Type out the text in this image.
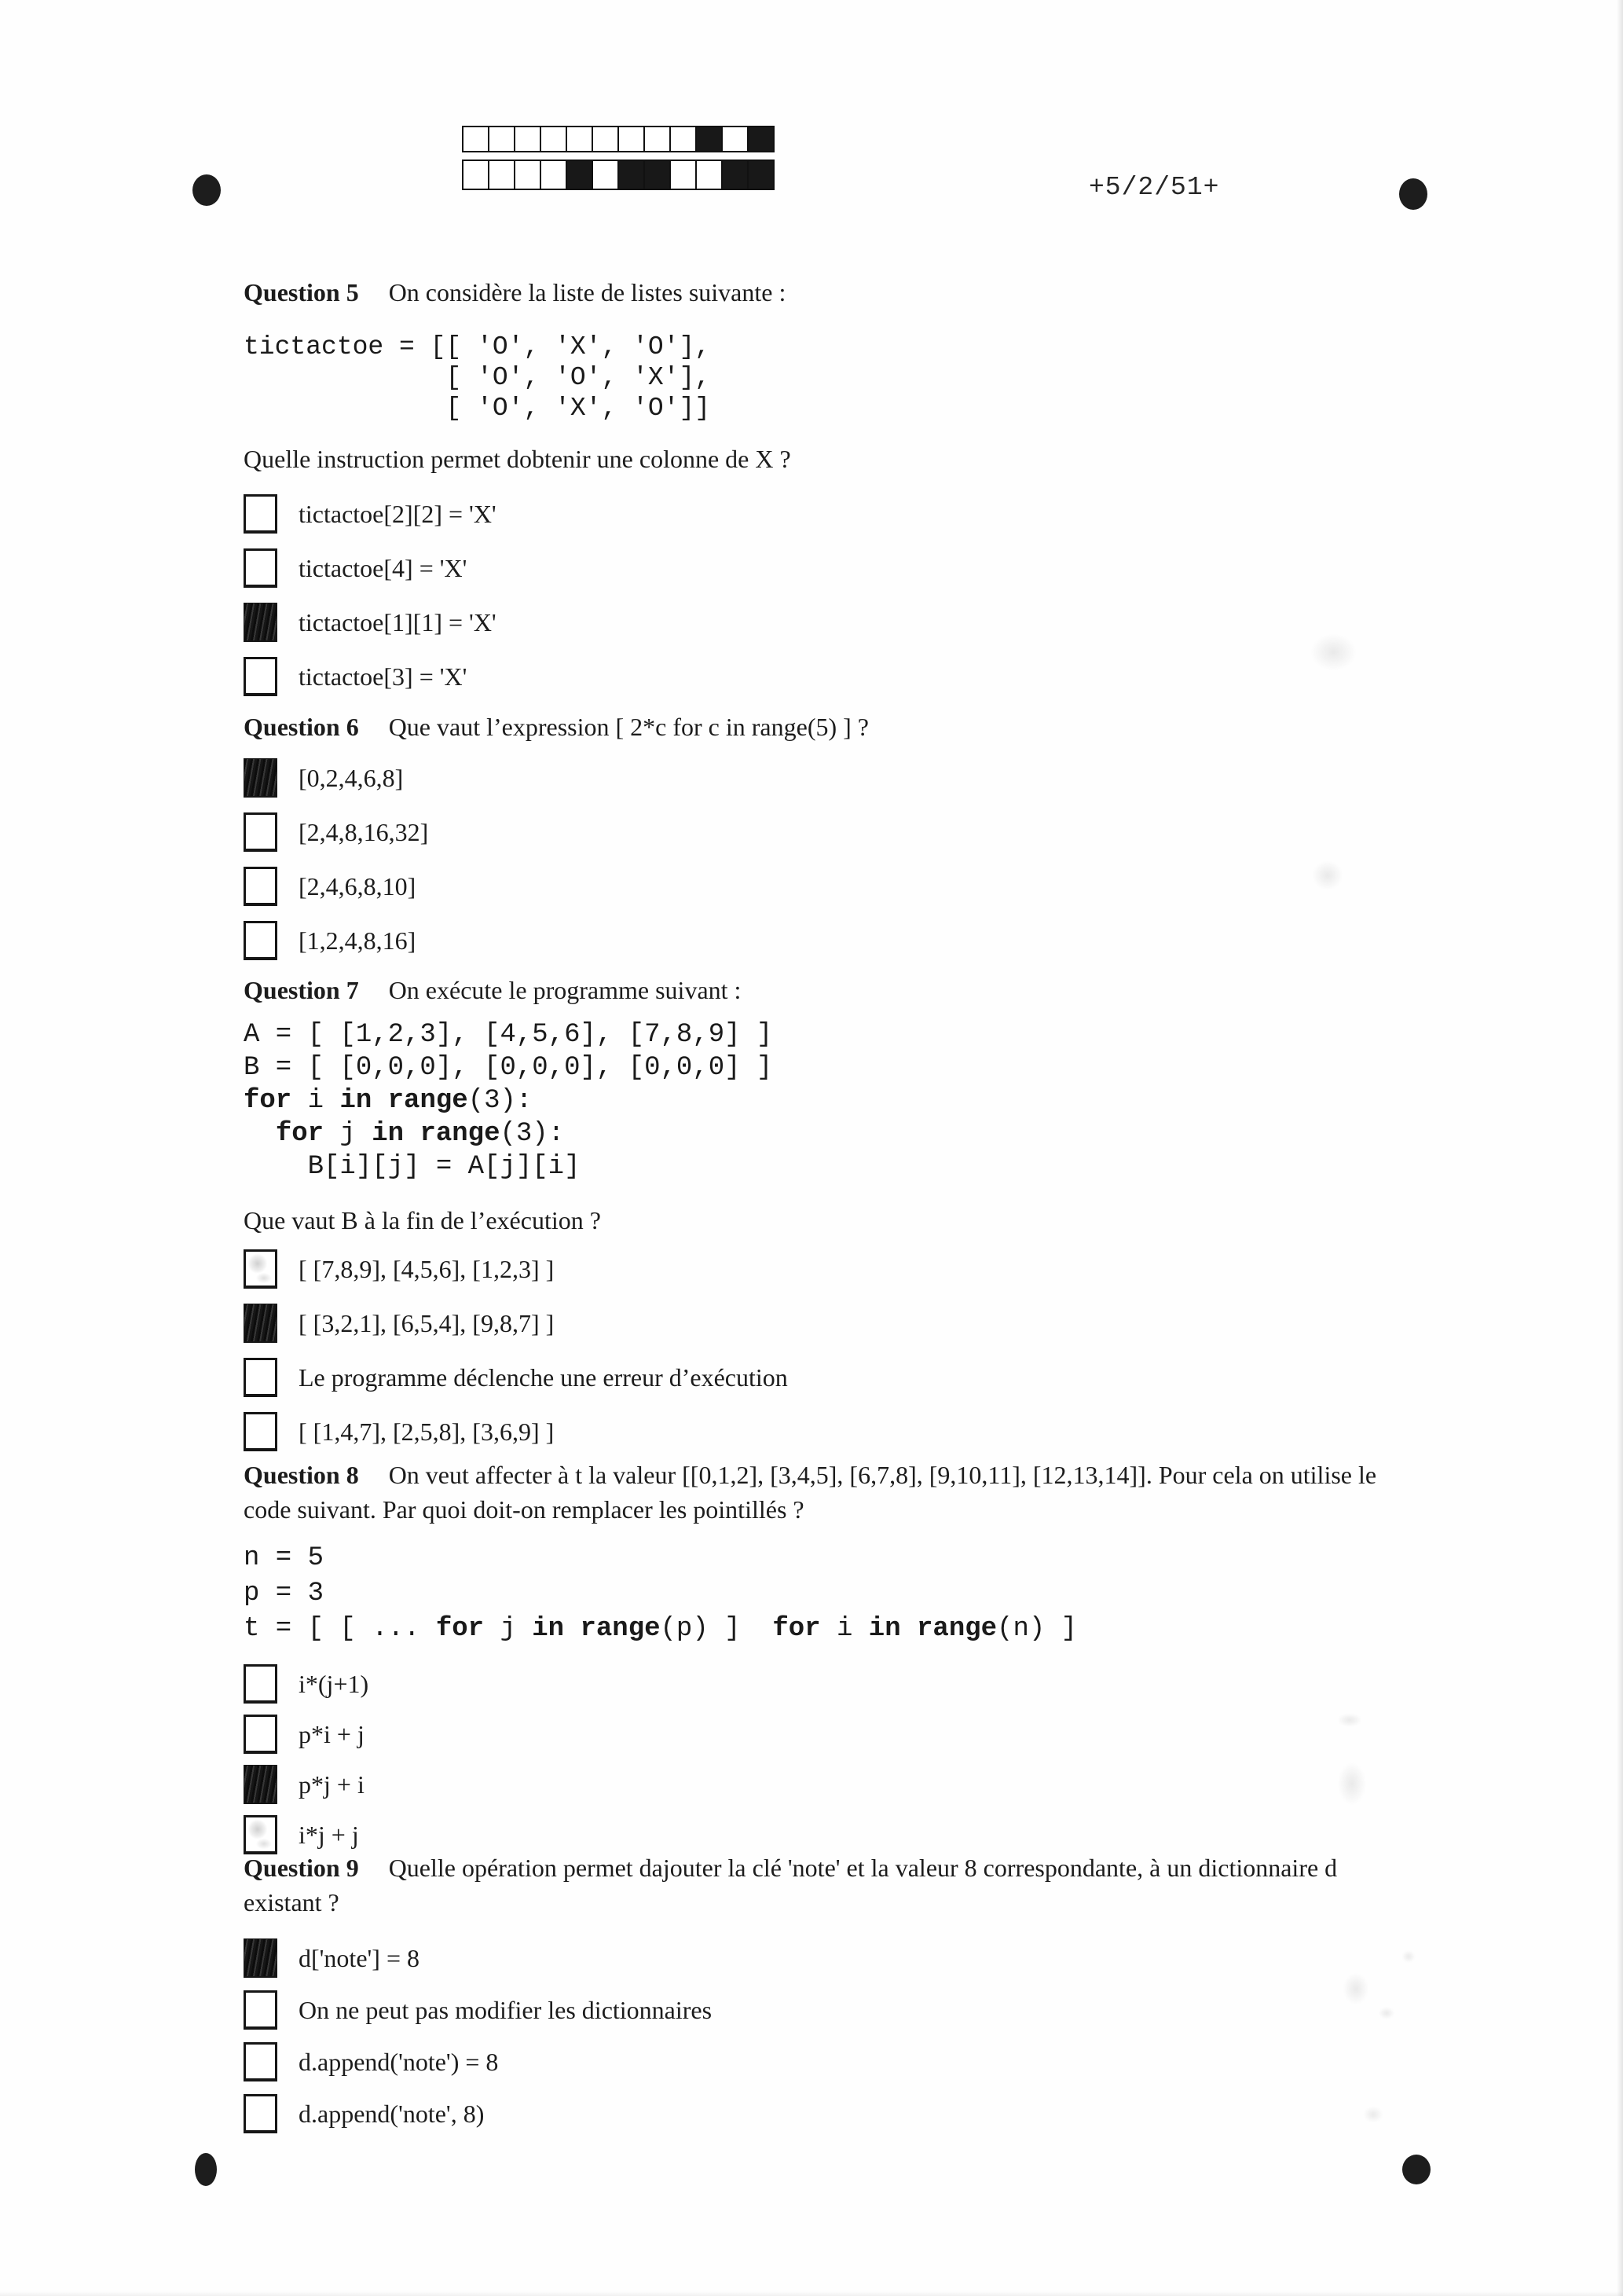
+5/2/51+

Question 5 On considère la liste de listes suivante :

tictactoe = [[ 'O', 'X', 'O'],
[ 'O', 'O', 'X'],
[ 'O', 'X', 'O']]

Quelle instruction permet dobtenir une colonne de X ?

tictactoe[2][2] = 'X'
tictactoe[4] = 'X'
tictactoe[1][1] = 'X'
tictactoe[3] = 'X'

Question 6 Que vaut l’expression [ 2*c for c in range(5) ] ?

[0,2,4,6,8]
[2,4,8,16,32]
[2,4,6,8,10]
[1,2,4,8,16]

Question 7 On exécute le programme suivant :

A = [ [1,2,3], [4,5,6], [7,8,9] ]
B = [ [0,0,0], [0,0,0], [0,0,0] ]
for i in range(3):
for j in range(3):
B[i][j] = A[j][i]

Que vaut B à la fin de l’exécution ?

[ [7,8,9], [4,5,6], [1,2,3] ]
[ [3,2,1], [6,5,4], [9,8,7] ]
Le programme déclenche une erreur d’exécution
[ [1,4,7], [2,5,8], [3,6,9] ]

Question 8 On veut affecter à t la valeur [[0,1,2], [3,4,5], [6,7,8], [9,10,11], [12,13,14]]. Pour cela on utilise le code suivant. Par quoi doit-on remplacer les pointillés ?

n = 5
p = 3
t = [ [ ... for j in range(p) ]  for i in range(n) ]
i*(j+1)
p*i + j
p*j + i
i*j + j

Question 9 Quelle opération permet dajouter la clé 'note' et la valeur 8 correspondante, à un dictionnaire d existant ?

d['note'] = 8
On ne peut pas modifier les dictionnaires
d.append('note') = 8
d.append('note', 8)
